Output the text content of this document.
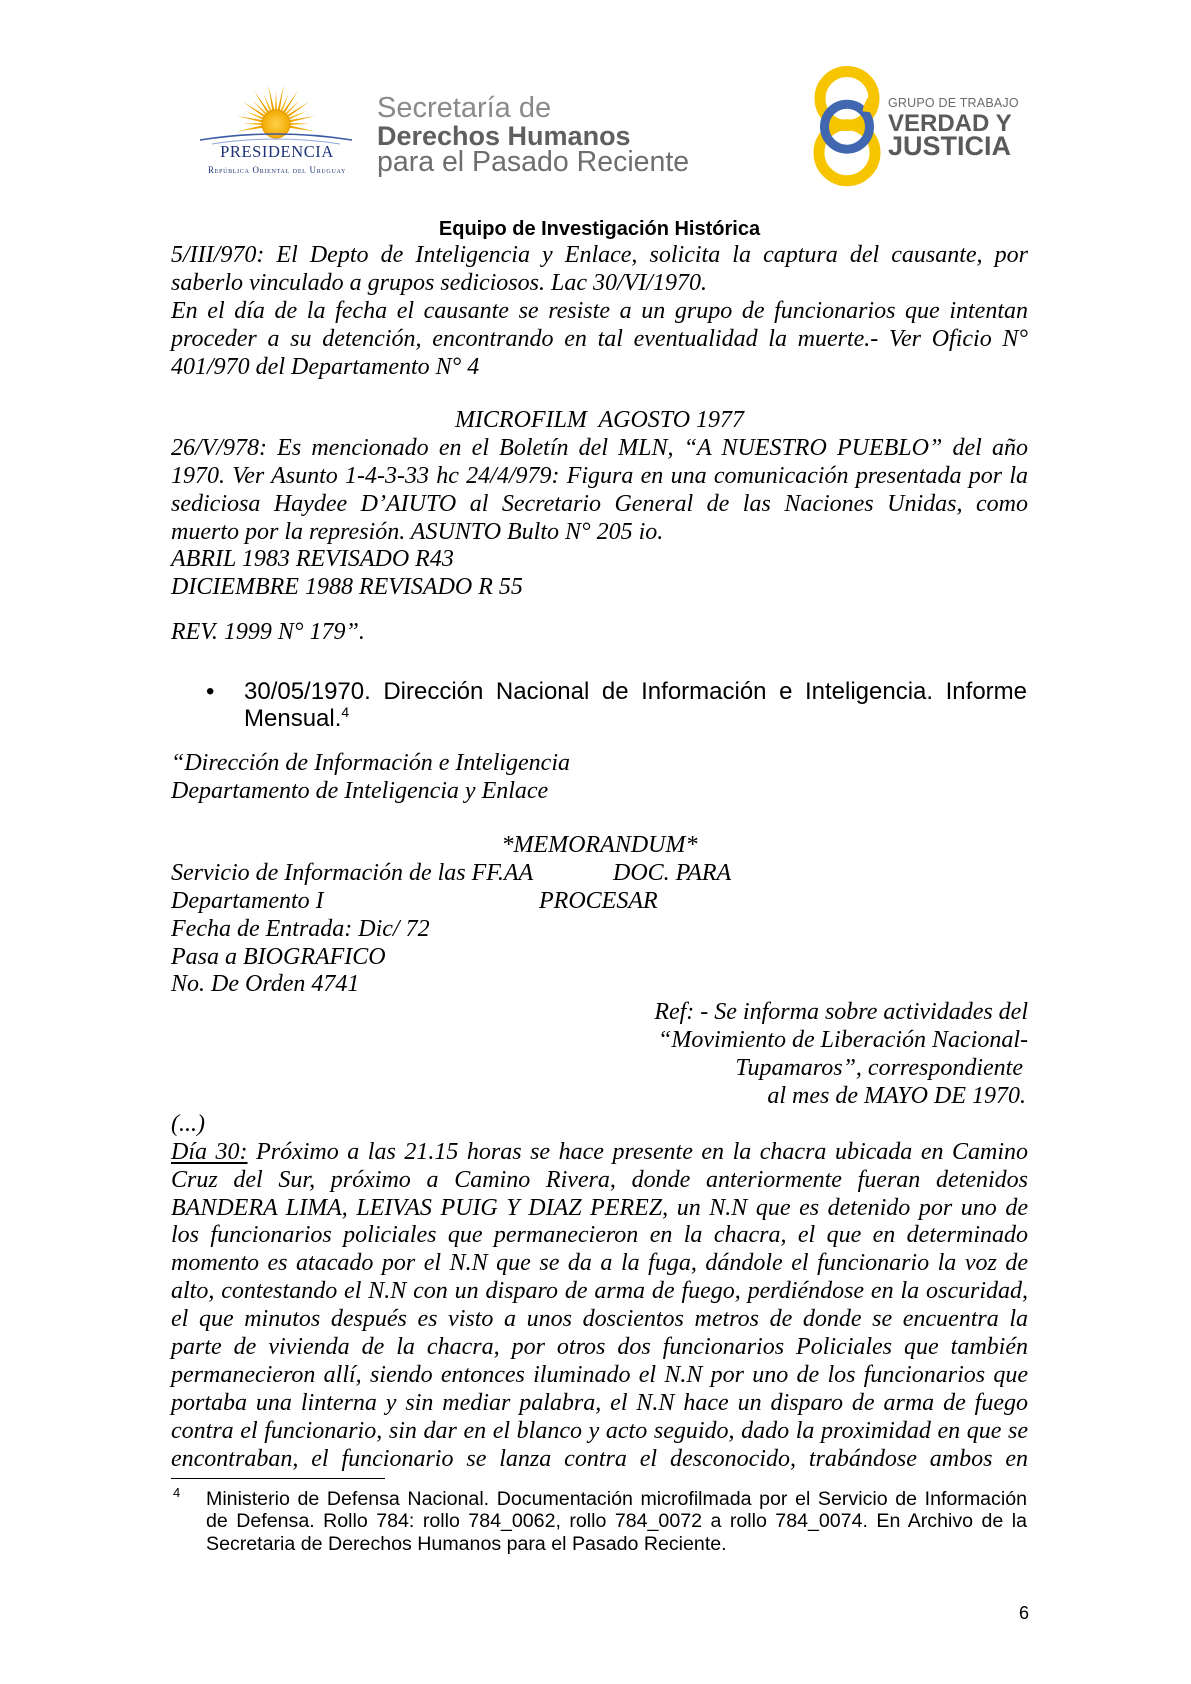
PRESIDENCIA
República Oriental del Uruguay
Secretaría de
Derechos Humanos
para el Pasado Reciente
GRUPO DE TRABAJO
VERDAD Y
JUSTICIA
Equipo de Investigación Histórica
5/III/970: El Depto de Inteligencia y Enlace, solicita la captura del causante, por
saberlo vinculado a grupos sediciosos. Lac 30/VI/1970.
En el día de la fecha el causante se resiste a un grupo de funcionarios que intentan
proceder a su detención, encontrando en tal eventualidad la muerte.- Ver Oficio N°
401/970 del Departamento N° 4
MICROFILM  AGOSTO 1977
26/V/978: Es mencionado en el Boletín del MLN, “A NUESTRO PUEBLO” del año
1970. Ver Asunto 1-4-3-33 hc 24/4/979: Figura en una comunicación presentada por la
sediciosa Haydee D’AIUTO al Secretario General de las Naciones Unidas, como
muerto por la represión. ASUNTO Bulto N° 205 io.
ABRIL 1983 REVISADO R43
DICIEMBRE 1988 REVISADO R 55
REV. 1999 N° 179”.
• 30/05/1970. Dirección Nacional de Información e Inteligencia. Informe
Mensual.$^4$
“Dirección de Información e Inteligencia
Departamento de Inteligencia y Enlace
*MEMORANDUM*
Servicio de Información de las FF.AA	DOC. PARA
Departamento I	PROCESAR
Fecha de Entrada: Dic/ 72
Pasa a BIOGRAFICO
No. De Orden 4741
Ref: - Se informa sobre actividades del
“Movimiento de Liberación Nacional-
Tupamaros”, correspondiente
al mes de MAYO DE 1970.
(...)
Día 30: Próximo a las 21.15 horas se hace presente en la chacra ubicada en Camino
Cruz del Sur, próximo a Camino Rivera, donde anteriormente fueran detenidos
BANDERA LIMA, LEIVAS PUIG Y DIAZ PEREZ, un N.N que es detenido por uno de
los funcionarios policiales que permanecieron en la chacra, el que en determinado
momento es atacado por el N.N que se da a la fuga, dándole el funcionario la voz de
alto, contestando el N.N con un disparo de arma de fuego, perdiéndose en la oscuridad,
el que minutos después es visto a unos doscientos metros de donde se encuentra la
parte de vivienda de la chacra, por otros dos funcionarios Policiales que también
permanecieron allí, siendo entonces iluminado el N.N por uno de los funcionarios que
portaba una linterna y sin mediar palabra, el N.N hace un disparo de arma de fuego
contra el funcionario, sin dar en el blanco y acto seguido, dado la proximidad en que se
encontraban, el funcionario se lanza contra el desconocido, trabándose ambos en
4 Ministerio de Defensa Nacional. Documentación microfilmada por el Servicio de Información
de Defensa. Rollo 784: rollo 784_0062, rollo 784_0072 a rollo 784_0074. En Archivo de la
Secretaria de Derechos Humanos para el Pasado Reciente.
6
